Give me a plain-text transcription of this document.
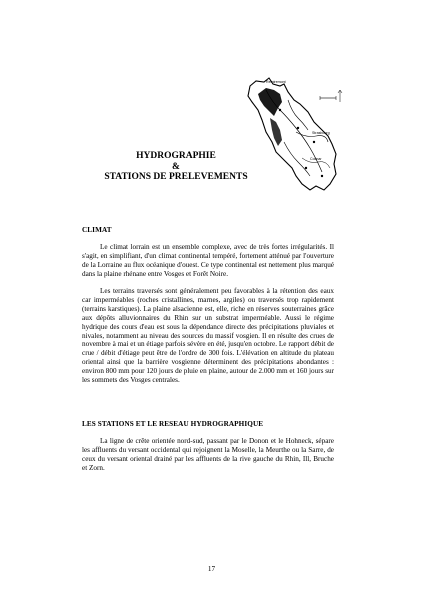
HYDROGRAPHIE
&
STATIONS DE PRELEVEMENTS
Remiremont
Strasbourg
Colmar
CLIMAT

Le climat lorrain est un ensemble complexe, avec de très fortes irrégularités. Il s'agit, en simplifiant, d'un climat continental tempéré, fortement atténué par l'ouverture de la Lorraine au flux océanique d'ouest. Ce type continental est nettement plus marqué dans la plaine rhénane entre Vosges et Forêt Noire.

Les terrains traversés sont généralement peu favorables à la rétention des eaux car imperméables (roches cristallines, marnes, argiles) ou traversés trop rapidement (terrains karstiques). La plaine alsacienne est, elle, riche en réserves souterraines grâce aux dépôts alluvionnaires du Rhin sur un substrat imperméable. Aussi le régime hydrique des cours d'eau est sous la dépendance directe des précipitations pluviales et nivales, notamment au niveau des sources du massif vosgien. Il en résulte des crues de novembre à mai et un étiage parfois sévère en été, jusqu'en octobre. Le rapport débit de crue / débit d'étiage peut être de l'ordre de 300 fois. L'élévation en altitude du plateau oriental ainsi que la barrière vosgienne déterminent des précipitations abondantes : environ 800 mm pour 120 jours de pluie en plaine, autour de 2.000 mm et 160 jours sur les sommets des Vosges centrales.

LES STATIONS ET LE RESEAU HYDROGRAPHIQUE

La ligne de crête orientée nord-sud, passant par le Donon et le Hohneck, sépare les affluents du versant occidental qui rejoignent la Moselle, la Meurthe ou la Sarre, de ceux du versant oriental drainé par les affluents de la rive gauche du Rhin, Ill, Bruche et Zorn.

17
